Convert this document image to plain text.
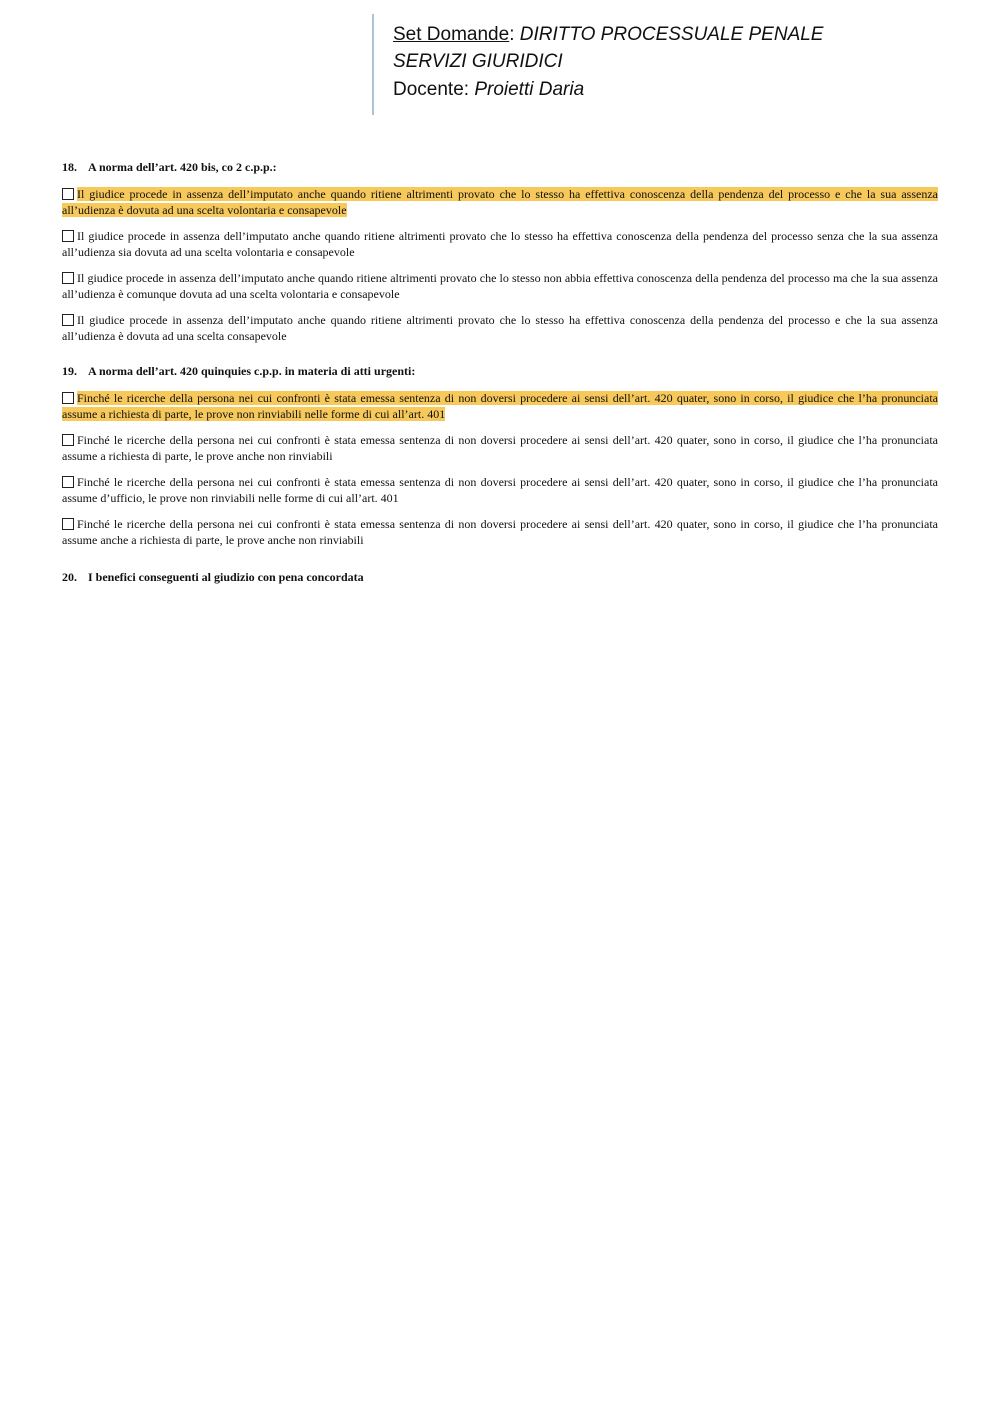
Set Domande: DIRITTO PROCESSUALE PENALE
SERVIZI GIURIDICI
Docente: Proietti Daria
18. A norma dell’art. 420 bis, co 2 c.p.p.:
Il giudice procede in assenza dell’imputato anche quando ritiene altrimenti provato che lo stesso ha effettiva conoscenza della pendenza del processo e che la sua assenza all’udienza è dovuta ad una scelta volontaria e consapevole
Il giudice procede in assenza dell’imputato anche quando ritiene altrimenti provato che lo stesso ha effettiva conoscenza della pendenza del processo senza che la sua assenza all’udienza sia dovuta ad una scelta volontaria e consapevole
Il giudice procede in assenza dell’imputato anche quando ritiene altrimenti provato che lo stesso non abbia effettiva conoscenza della pendenza del processo ma che la sua assenza all’udienza è comunque dovuta ad una scelta volontaria e consapevole
Il giudice procede in assenza dell’imputato anche quando ritiene altrimenti provato che lo stesso ha effettiva conoscenza della pendenza del processo e che la sua assenza all’udienza è dovuta ad una scelta consapevole
19. A norma dell’art. 420 quinquies c.p.p. in materia di atti urgenti:
Finché le ricerche della persona nei cui confronti è stata emessa sentenza di non doversi procedere ai sensi dell’art. 420 quater, sono in corso, il giudice che l’ha pronunciata assume a richiesta di parte, le prove non rinviabili nelle forme di cui all’art. 401
Finché le ricerche della persona nei cui confronti è stata emessa sentenza di non doversi procedere ai sensi dell’art. 420 quater, sono in corso, il giudice che l’ha pronunciata assume a richiesta di parte, le prove anche non rinviabili
Finché le ricerche della persona nei cui confronti è stata emessa sentenza di non doversi procedere ai sensi dell’art. 420 quater, sono in corso, il giudice che l’ha pronunciata assume d’ufficio, le prove non rinviabili nelle forme di cui all’art. 401
Finché le ricerche della persona nei cui confronti è stata emessa sentenza di non doversi procedere ai sensi dell’art. 420 quater, sono in corso, il giudice che l’ha pronunciata assume anche a richiesta di parte, le prove anche non rinviabili
20. I benefici conseguenti al giudizio con pena concordata
